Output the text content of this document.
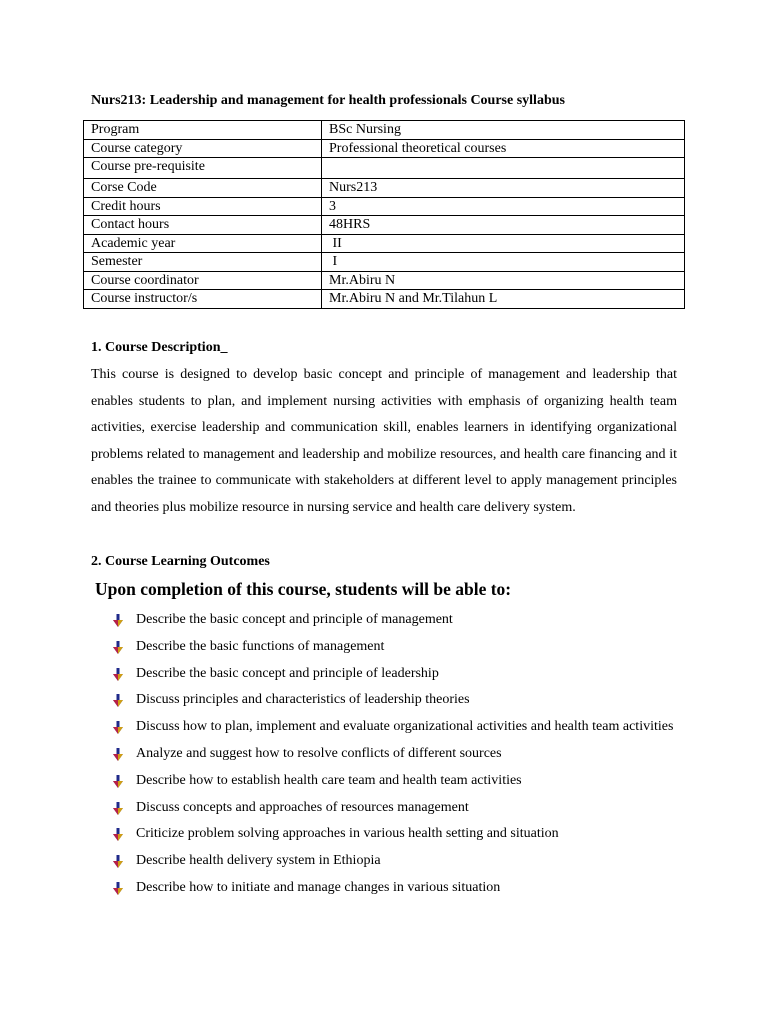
Nurs213: Leadership and management for health professionals Course syllabus
Program	BSc Nursing
Course category	Professional theoretical courses
Course pre-requisite	
Corse Code	Nurs213
Credit hours	3
Contact hours	48HRS
Academic year	II
Semester	I
Course coordinator	Mr.Abiru N
Course instructor/s	Mr.Abiru N and Mr.Tilahun L
1. Course Description_

This course is designed to develop basic concept and principle of management and leadership that enables students to plan, and implement nursing activities with emphasis of organizing health team activities, exercise leadership and communication skill, enables learners in identifying organizational problems related to management and leadership and mobilize resources, and health care financing and it enables the trainee to communicate with stakeholders at different level to apply management principles and theories plus mobilize resource in nursing service and health care delivery system.

2. Course Learning Outcomes
Upon completion of this course, students will be able to:
Describe the basic concept and principle of management
Describe the basic functions of management
Describe the basic concept and principle of leadership
Discuss principles and characteristics of leadership theories
Discuss how to plan, implement and evaluate organizational activities and health team activities
Analyze and suggest how to resolve conflicts of different sources
Describe how to establish health care team and health team activities
Discuss concepts and approaches of resources management
Criticize problem solving approaches in various health setting and situation
Describe health delivery system in Ethiopia
Describe how to initiate and manage changes in various situation
